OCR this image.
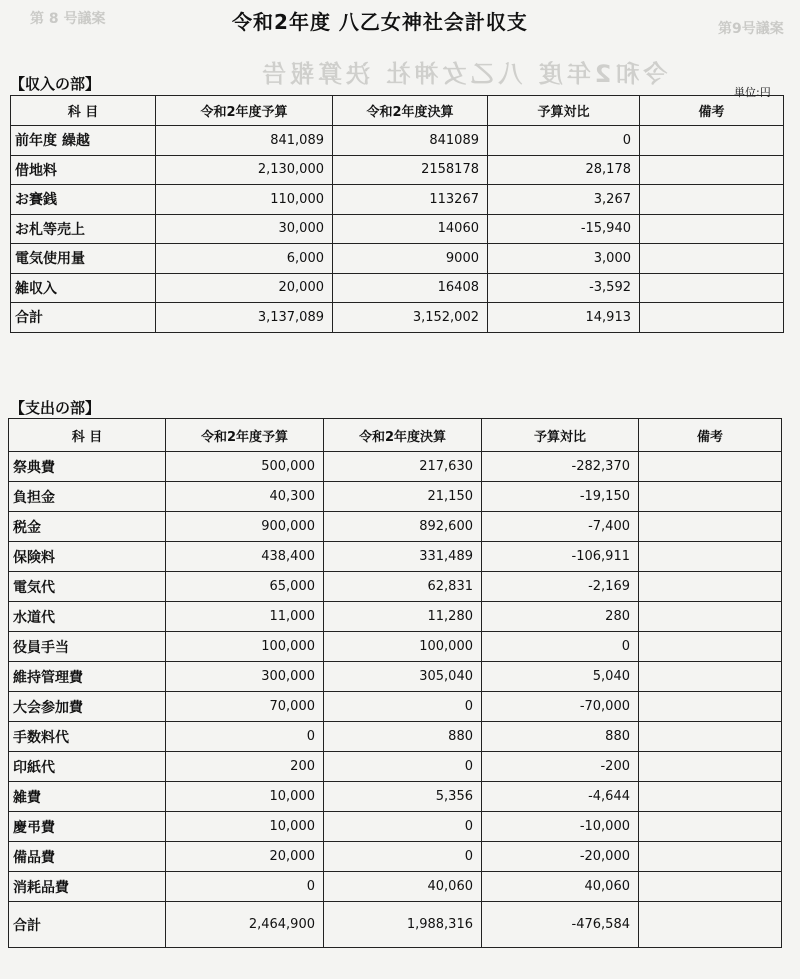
第 8 号議案
第9号議案
令和2年度 八乙女神社 決算報告
令和2年度 八乙女神社会計収支
【収入の部】	単位:円
科 目	令和2年度予算	令和2年度決算	予算対比	備考
前年度 繰越	841,089	841089	0	
借地料	2,130,000	2158178	28,178	
お賽銭	110,000	113267	3,267	
お札等売上	30,000	14060	-15,940	
電気使用量	6,000	9000	3,000	
雑収入	20,000	16408	-3,592	
合計	3,137,089	3,152,002	14,913	
【支出の部】
科 目	令和2年度予算	令和2年度決算	予算対比	備考
祭典費	500,000	217,630	-282,370	
負担金	40,300	21,150	-19,150	
税金	900,000	892,600	-7,400	
保険料	438,400	331,489	-106,911	
電気代	65,000	62,831	-2,169	
水道代	11,000	11,280	280	
役員手当	100,000	100,000	0	
維持管理費	300,000	305,040	5,040	
大会参加費	70,000	0	-70,000	
手数料代	0	880	880	
印紙代	200	0	-200	
雑費	10,000	5,356	-4,644	
慶弔費	10,000	0	-10,000	
備品費	20,000	0	-20,000	
消耗品費	0	40,060	40,060	
合計	2,464,900	1,988,316	-476,584	
